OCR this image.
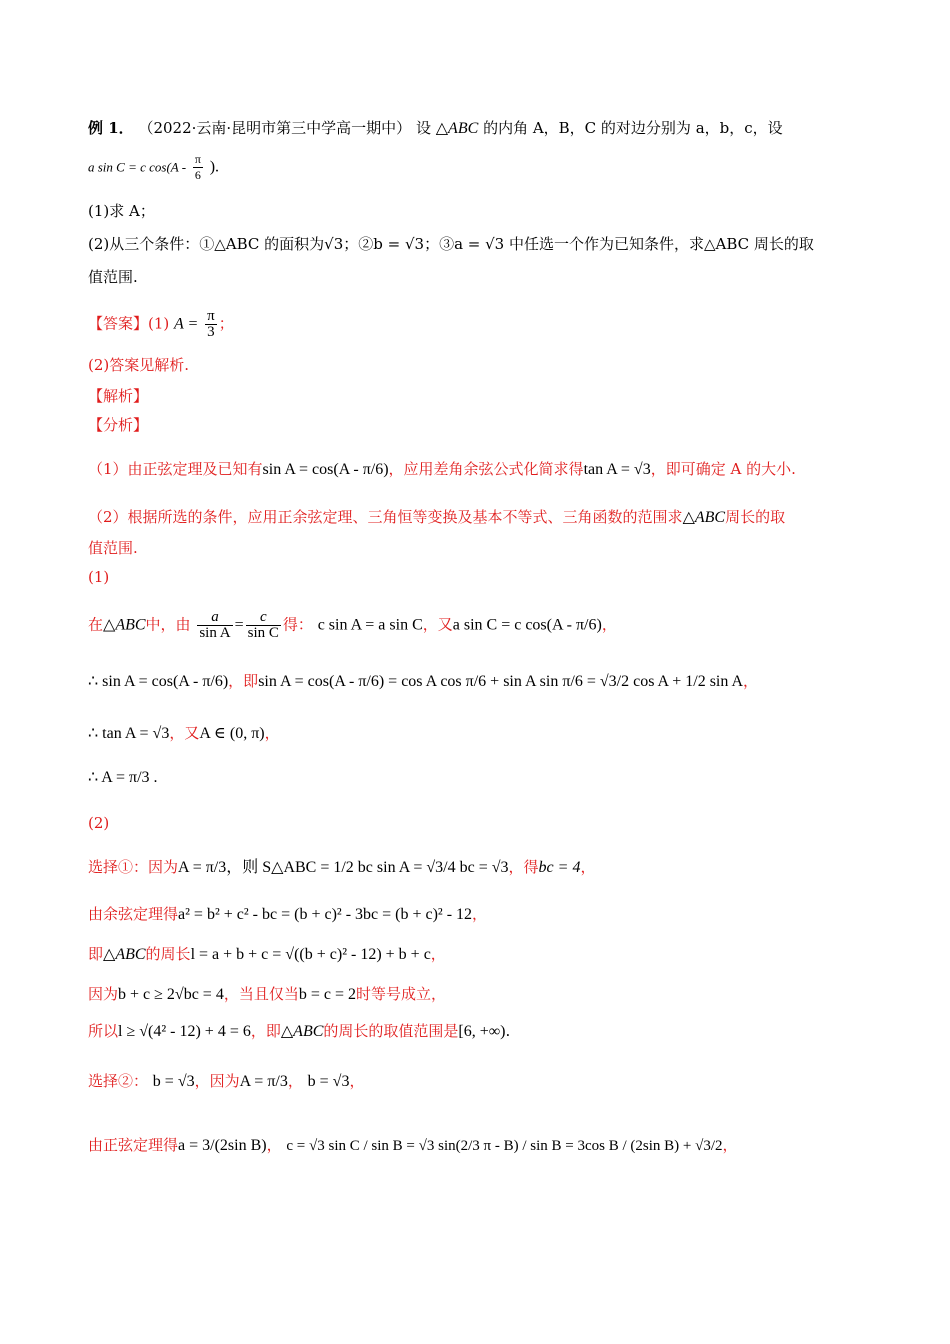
例 1． （2022·云南·昆明市第三中学高一期中） 设 △ABC 的内角 A，B，C 的对边分别为 a，b，c，设
a sin C = c $\cos(A - \frac{\pi}{6}$ ).
(1)求 A；
(2)从三个条件：①△ABC 的面积为√3；②b = √3；③a = √3 中任选一个作为已知条件，求△ABC 周长的取
值范围.
【答案】(1) $A = \frac{\pi}{3}$ ；
(2)答案见解析.
【解析】
【分析】
（1）由正弦定理及已知有sin A = cos(A - π/6)，应用差角余弦公式化简求得tan A = √3，即可确定 A 的大小.
（2）根据所选的条件，应用正余弦定理、三角恒等变换及基本不等式、三角函数的范围求△ABC周长的取
值范围.
(1)
在△ABC中，由 $\frac{a}{\text{sin A}} = \frac{c}{\text{sin C}}$ 得： c sin A = a sin C，又a sin C = c cos(A - π/6)，
∴ sin A = cos(A - π/6)，即sin A = cos(A - π/6) = cos A cos π/6 + sin A sin π/6 = √3/2 cos A + 1/2 sin A，
∴ tan A = √3，又A ∈ (0, π)，
∴ A = π/3 .
(2)
选择①：因为A = π/3，则 S△ABC = 1/2 bc sin A = √3/4 bc = √3，得bc = 4，
由余弦定理得a² = b² + c² - bc = (b + c)² - 3bc = (b + c)² - 12，
即△ABC的周长l = a + b + c = √((b + c)² - 12) + b + c，
因为b + c ≥ 2√bc = 4，当且仅当b = c = 2时等号成立，
所以l ≥ √(4² - 12) + 4 = 6，即△ABC的周长的取值范围是[6, +∞).
选择②： b = √3，因为A = π/3， b = √3，
由正弦定理得a = 3/(2sin B)， c = √3 sin C / sin B = √3 sin(2/3 π - B) / sin B = 3cos B / (2sin B) + √3/2，
